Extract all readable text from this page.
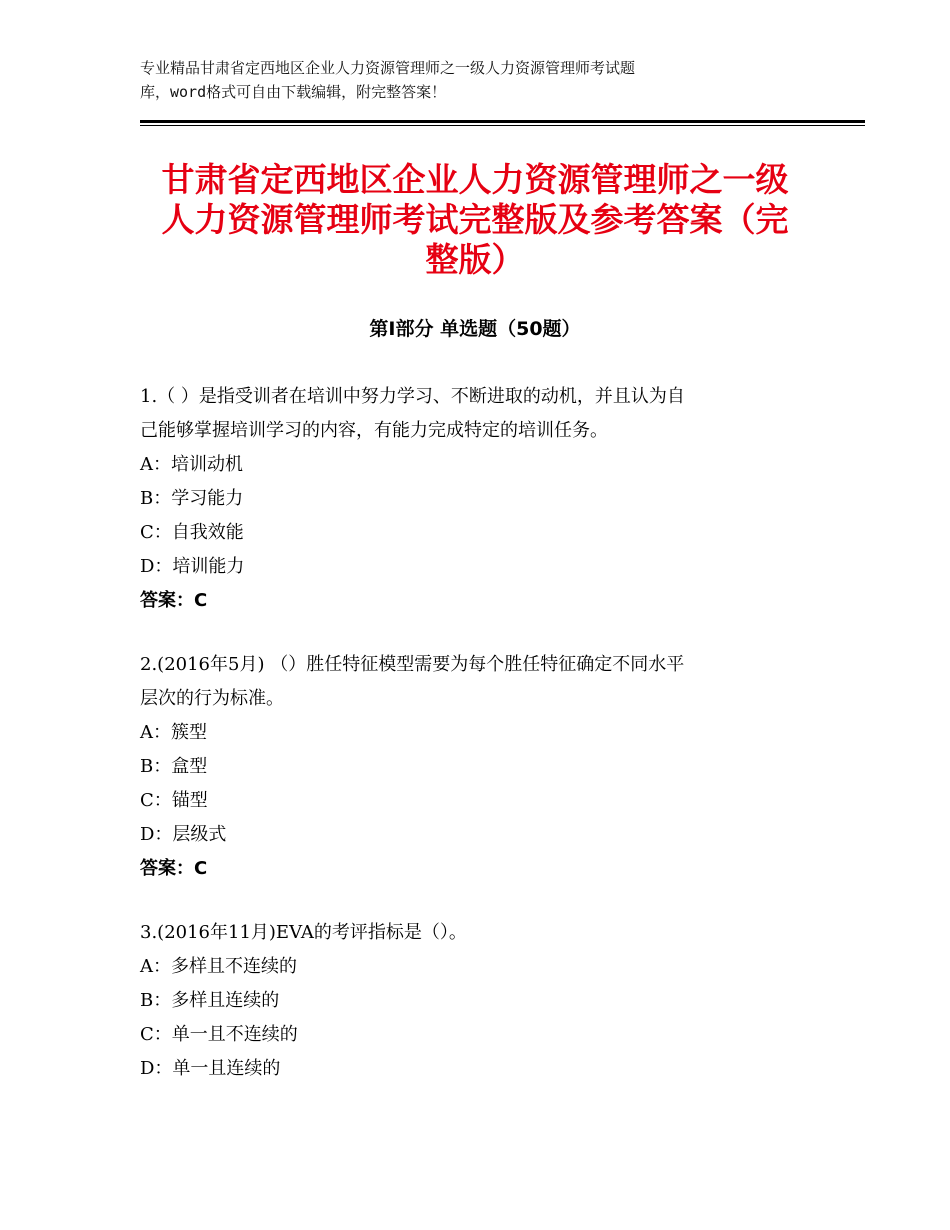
专业精品甘肃省定西地区企业人力资源管理师之一级人力资源管理师考试题
库，word格式可自由下载编辑，附完整答案！
甘肃省定西地区企业人力资源管理师之一级
人力资源管理师考试完整版及参考答案（完
整版）
第Ⅰ部分 单选题（50题）

1.（ ）是指受训者在培训中努力学习、不断进取的动机，并且认为自
己能够掌握培训学习的内容，有能力完成特定的培训任务。

A：培训动机

B：学习能力

C：自我效能

D：培训能力

答案：C

2.(2016年5月) （）胜任特征模型需要为每个胜任特征确定不同水平
层次的行为标准。

A：簇型

B：盒型

C：锚型

D：层级式

答案：C

3.(2016年11月)EVA的考评指标是（）。

A：多样且不连续的

B：多样且连续的

C：单一且不连续的

D：单一且连续的
